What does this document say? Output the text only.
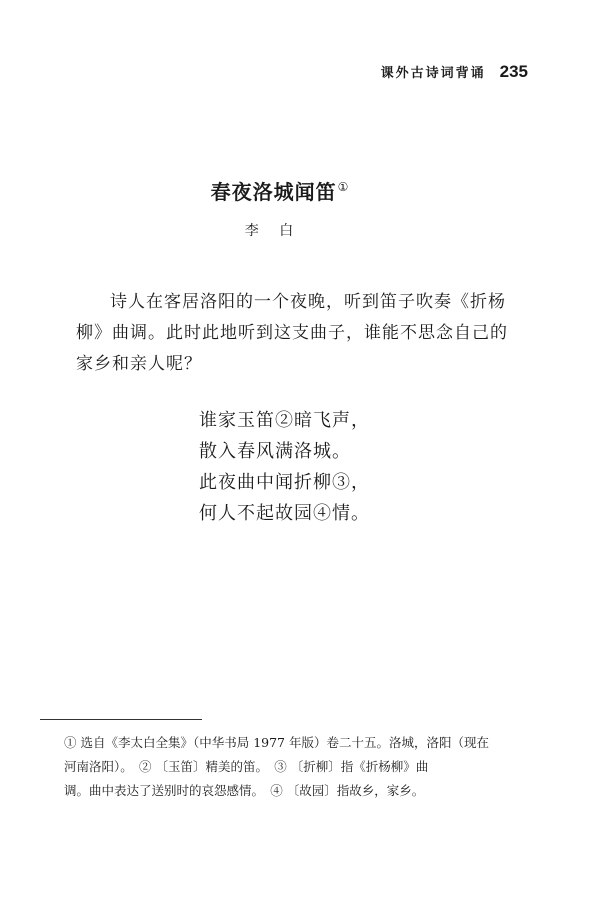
课外古诗词背诵 235
春夜洛城闻笛①
李 白
诗人在客居洛阳的一个夜晚，听到笛子吹奏《折杨柳》曲调。此时此地听到这支曲子，谁能不思念自己的家乡和亲人呢？
谁家玉笛②暗飞声，
散入春风满洛城。
此夜曲中闻折柳③，
何人不起故园④情。
① 选自《李太白全集》（中华书局 1977 年版）卷二十五。洛城，洛阳（现在
河南洛阳）。　② 〔玉笛〕精美的笛。　③ 〔折柳〕指《折杨柳》曲
调。曲中表达了送别时的哀怨感情。　④ 〔故园〕指故乡，家乡。
